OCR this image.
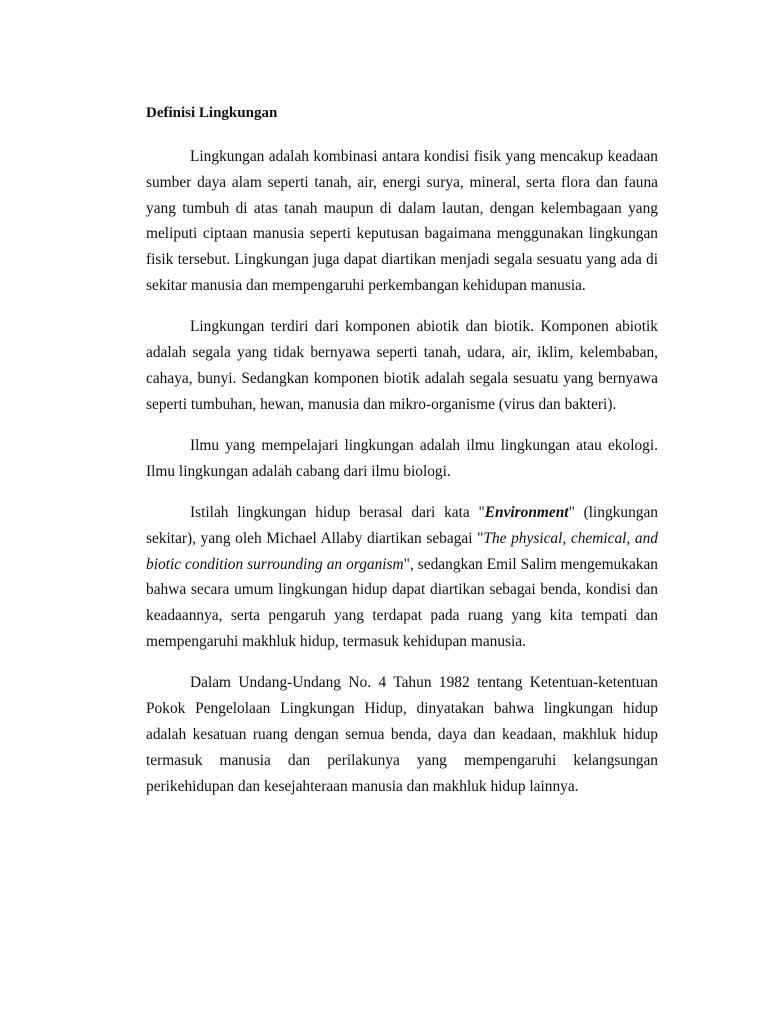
Definisi Lingkungan

Lingkungan adalah kombinasi antara kondisi fisik yang mencakup keadaan sumber daya alam seperti tanah, air, energi surya, mineral, serta flora dan fauna yang tumbuh di atas tanah maupun di dalam lautan, dengan kelembagaan yang meliputi ciptaan manusia seperti keputusan bagaimana menggunakan lingkungan fisik tersebut. Lingkungan juga dapat diartikan menjadi segala sesuatu yang ada di sekitar manusia dan mempengaruhi perkembangan kehidupan manusia.

Lingkungan terdiri dari komponen abiotik dan biotik. Komponen abiotik adalah segala yang tidak bernyawa seperti tanah, udara, air, iklim, kelembaban, cahaya, bunyi. Sedangkan komponen biotik adalah segala sesuatu yang bernyawa seperti tumbuhan, hewan, manusia dan mikro-organisme (virus dan bakteri).

Ilmu yang mempelajari lingkungan adalah ilmu lingkungan atau ekologi. Ilmu lingkungan adalah cabang dari ilmu biologi.

Istilah lingkungan hidup berasal dari kata "Environment" (lingkungan sekitar), yang oleh Michael Allaby diartikan sebagai "The physical, chemical, and biotic condition surrounding an organism", sedangkan Emil Salim mengemukakan bahwa secara umum lingkungan hidup dapat diartikan sebagai benda, kondisi dan keadaannya, serta pengaruh yang terdapat pada ruang yang kita tempati dan mempengaruhi makhluk hidup, termasuk kehidupan manusia.

Dalam Undang-Undang No. 4 Tahun 1982 tentang Ketentuan-ketentuan Pokok Pengelolaan Lingkungan Hidup, dinyatakan bahwa lingkungan hidup adalah kesatuan ruang dengan semua benda, daya dan keadaan, makhluk hidup termasuk manusia dan perilakunya yang mempengaruhi kelangsungan perikehidupan dan kesejahteraan manusia dan makhluk hidup lainnya.
